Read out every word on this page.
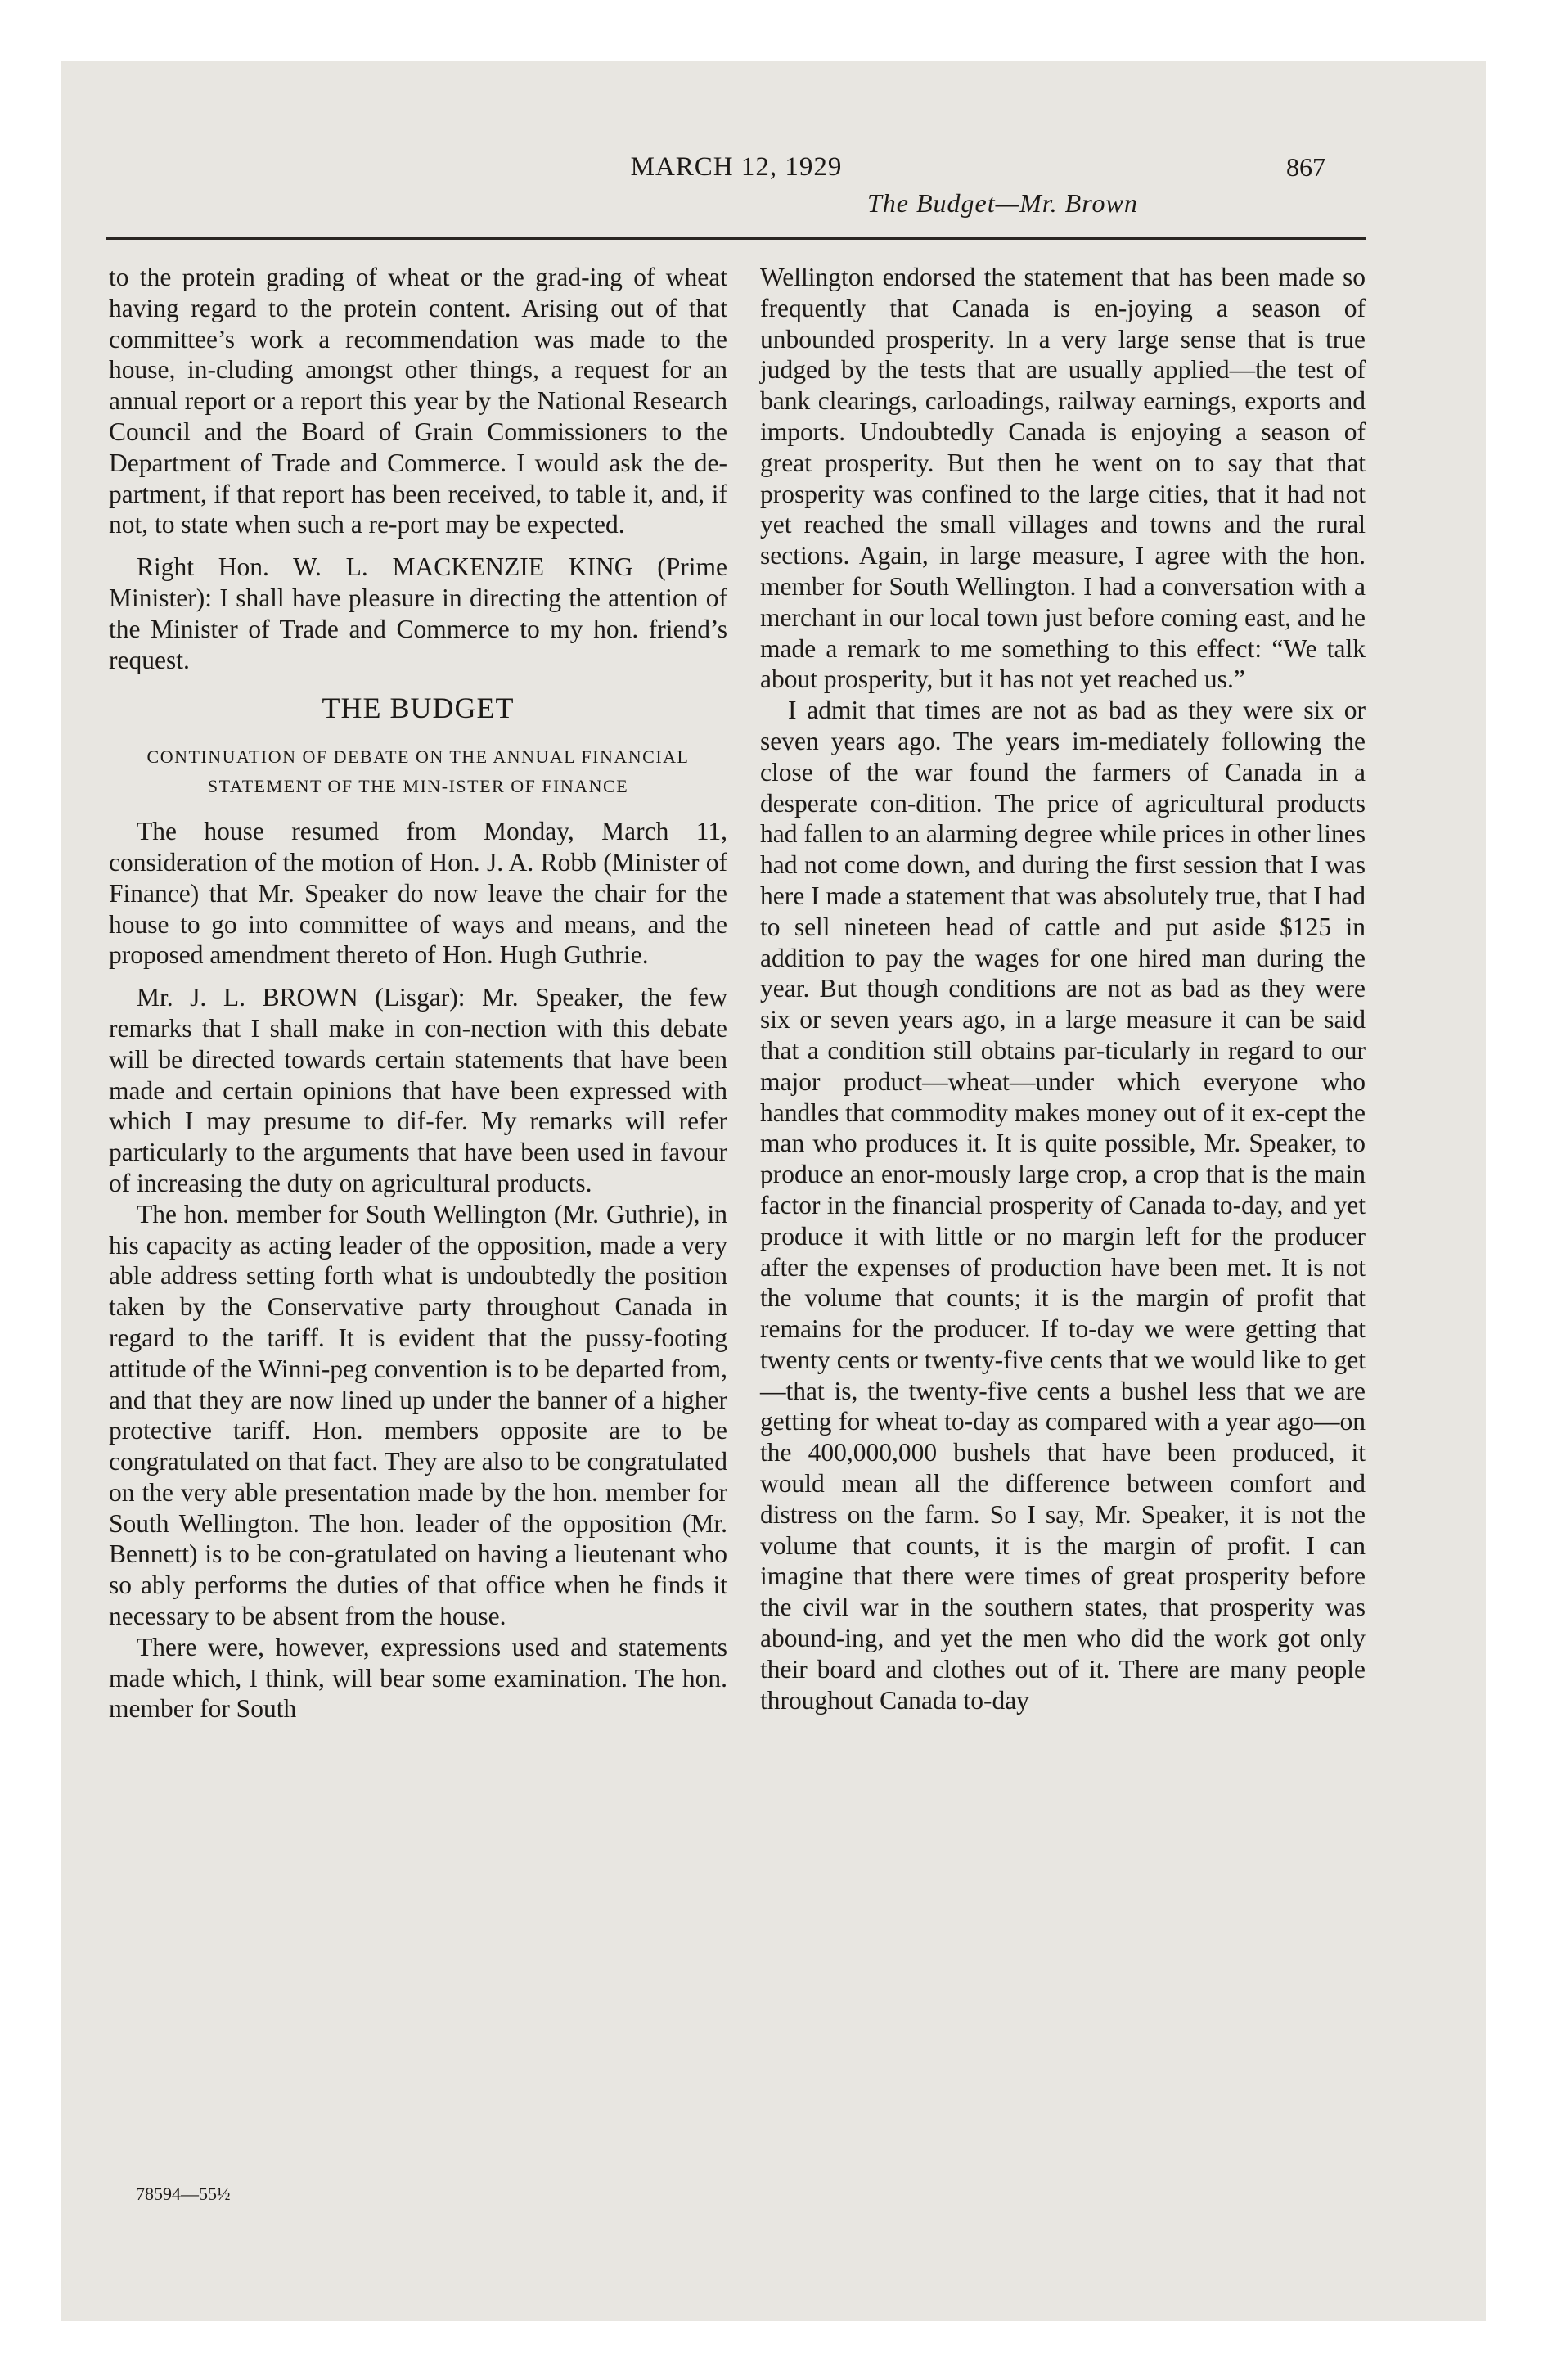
MARCH 12, 1929	867
The Budget—Mr. Brown

to the protein grading of wheat or the grad-ing of wheat having regard to the protein content. Arising out of that committee’s work a recommendation was made to the house, in-cluding amongst other things, a request for an annual report or a report this year by the National Research Council and the Board of Grain Commissioners to the Department of Trade and Commerce. I would ask the de-partment, if that report has been received, to table it, and, if not, to state when such a re-port may be expected.

Right Hon. W. L. MACKENZIE KING (Prime Minister): I shall have pleasure in directing the attention of the Minister of Trade and Commerce to my hon. friend’s request.

THE BUDGET
CONTINUATION OF DEBATE ON THE ANNUAL FINANCIAL STATEMENT OF THE MIN-ISTER OF FINANCE

The house resumed from Monday, March 11, consideration of the motion of Hon. J. A. Robb (Minister of Finance) that Mr. Speaker do now leave the chair for the house to go into committee of ways and means, and the proposed amendment thereto of Hon. Hugh Guthrie.

Mr. J. L. BROWN (Lisgar): Mr. Speaker, the few remarks that I shall make in con-nection with this debate will be directed towards certain statements that have been made and certain opinions that have been expressed with which I may presume to dif-fer. My remarks will refer particularly to the arguments that have been used in favour of increasing the duty on agricultural products.

The hon. member for South Wellington (Mr. Guthrie), in his capacity as acting leader of the opposition, made a very able address setting forth what is undoubtedly the position taken by the Conservative party throughout Canada in regard to the tariff. It is evident that the pussy-footing attitude of the Winni-peg convention is to be departed from, and that they are now lined up under the banner of a higher protective tariff. Hon. members opposite are to be congratulated on that fact. They are also to be congratulated on the very able presentation made by the hon. member for South Wellington. The hon. leader of the opposition (Mr. Bennett) is to be con-gratulated on having a lieutenant who so ably performs the duties of that office when he finds it necessary to be absent from the house.

There were, however, expressions used and statements made which, I think, will bear some examination. The hon. member for South

78594—55½

Wellington endorsed the statement that has been made so frequently that Canada is en-joying a season of unbounded prosperity. In a very large sense that is true judged by the tests that are usually applied—the test of bank clearings, carloadings, railway earnings, exports and imports. Undoubtedly Canada is enjoying a season of great prosperity. But then he went on to say that that prosperity was confined to the large cities, that it had not yet reached the small villages and towns and the rural sections. Again, in large measure, I agree with the hon. member for South Wellington. I had a conversation with a merchant in our local town just before coming east, and he made a remark to me something to this effect: “We talk about prosperity, but it has not yet reached us.”

I admit that times are not as bad as they were six or seven years ago. The years im-mediately following the close of the war found the farmers of Canada in a desperate con-dition. The price of agricultural products had fallen to an alarming degree while prices in other lines had not come down, and during the first session that I was here I made a statement that was absolutely true, that I had to sell nineteen head of cattle and put aside $125 in addition to pay the wages for one hired man during the year. But though conditions are not as bad as they were six or seven years ago, in a large measure it can be said that a condition still obtains par-ticularly in regard to our major product—wheat—under which everyone who handles that commodity makes money out of it ex-cept the man who produces it. It is quite possible, Mr. Speaker, to produce an enor-mously large crop, a crop that is the main factor in the financial prosperity of Canada to-day, and yet produce it with little or no margin left for the producer after the expenses of production have been met. It is not the volume that counts; it is the margin of profit that remains for the producer. If to-day we were getting that twenty cents or twenty-five cents that we would like to get—that is, the twenty-five cents a bushel less that we are getting for wheat to-day as compared with a year ago—on the 400,000,000 bushels that have been produced, it would mean all the difference between comfort and distress on the farm. So I say, Mr. Speaker, it is not the volume that counts, it is the margin of profit. I can imagine that there were times of great prosperity before the civil war in the southern states, that prosperity was abound-ing, and yet the men who did the work got only their board and clothes out of it. There are many people throughout Canada to-day
